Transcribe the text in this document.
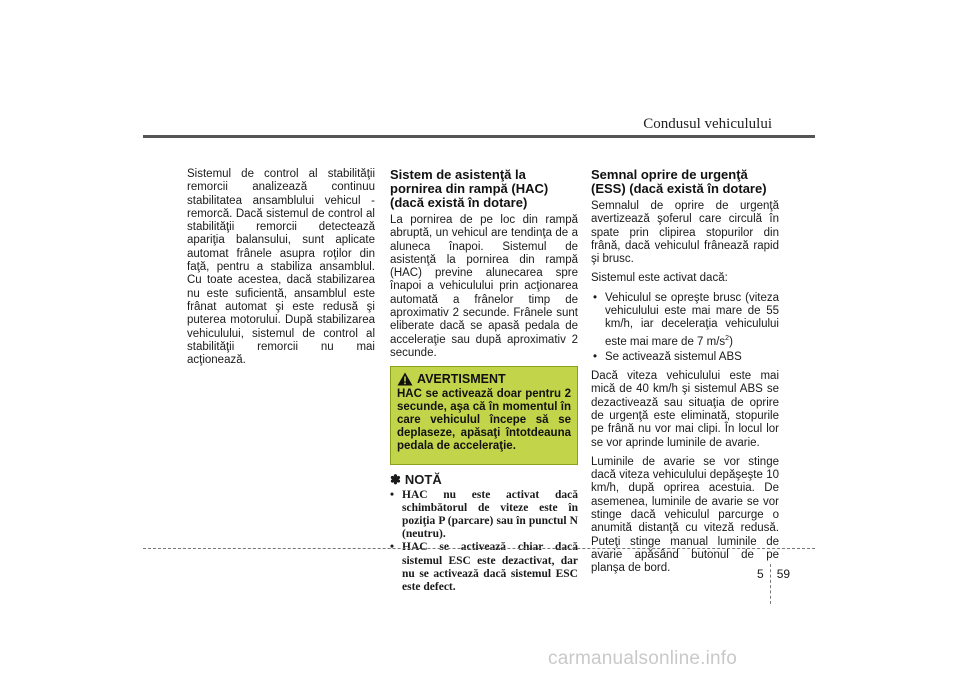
Condusul vehiculului

Sistemul de control al stabilităţii remorcii analizează continuu stabilitatea ansamblului vehicul - remorcă. Dacă sistemul de control al stabilităţii remorcii detectează apariţia balansului, sunt aplicate automat frânele asupra roţilor din faţă, pentru a stabiliza ansamblul. Cu toate acestea, dacă stabilizarea nu este suficientă, ansamblul este frânat automat şi este redusă şi puterea motorului. După stabilizarea vehiculului, sistemul de control al stabilităţii remorcii nu mai acţionează.

Sistem de asistenţă la pornirea din rampă (HAC) (dacă există în dotare)

La pornirea de pe loc din rampă abruptă, un vehicul are tendinţa de a aluneca înapoi. Sistemul de asistenţă la pornirea din rampă (HAC) previne alunecarea spre înapoi a vehiculului prin acţionarea automată a frânelor timp de aproximativ 2 secunde. Frânele sunt eliberate dacă se apasă pedala de acceleraţie sau după aproximativ 2 secunde.

AVERTISMENT

HAC se activează doar pentru 2 secunde, aşa că în momentul în care vehiculul începe să se deplaseze, apăsaţi întotdeauna pedala de acceleraţie.

✽ NOTĂ
• HAC nu este activat dacă schimbătorul de viteze este în poziţia P (parcare) sau în punctul N (neutru).
• HAC se activează chiar dacă sistemul ESC este dezactivat, dar nu se activează dacă sistemul ESC este defect.
Semnal oprire de urgenţă (ESS) (dacă există în dotare)

Semnalul de oprire de urgenţă avertizează şoferul care circulă în spate prin clipirea stopurilor din frână, dacă vehiculul frânează rapid şi brusc.

Sistemul este activat dacă:

• Vehiculul se opreşte brusc (viteza vehiculului este mai mare de 55 km/h, iar deceleraţia vehiculului este mai mare de 7 $m/s^2$)
• Se activează sistemul ABS

Dacă viteza vehiculului este mai mică de 40 km/h şi sistemul ABS se dezactivează sau situaţia de oprire de urgenţă este eliminată, stopurile pe frână nu vor mai clipi. În locul lor se vor aprinde luminile de avarie.

Luminile de avarie se vor stinge dacă viteza vehiculului depăşeşte 10 km/h, după oprirea acestuia. De asemenea, luminile de avarie se vor stinge dacă vehiculul parcurge o anumită distanţă cu viteză redusă. Puteţi stinge manual luminile de avarie apăsând butonul de pe planşa de bord.	5 59
carmanualsonline.info
